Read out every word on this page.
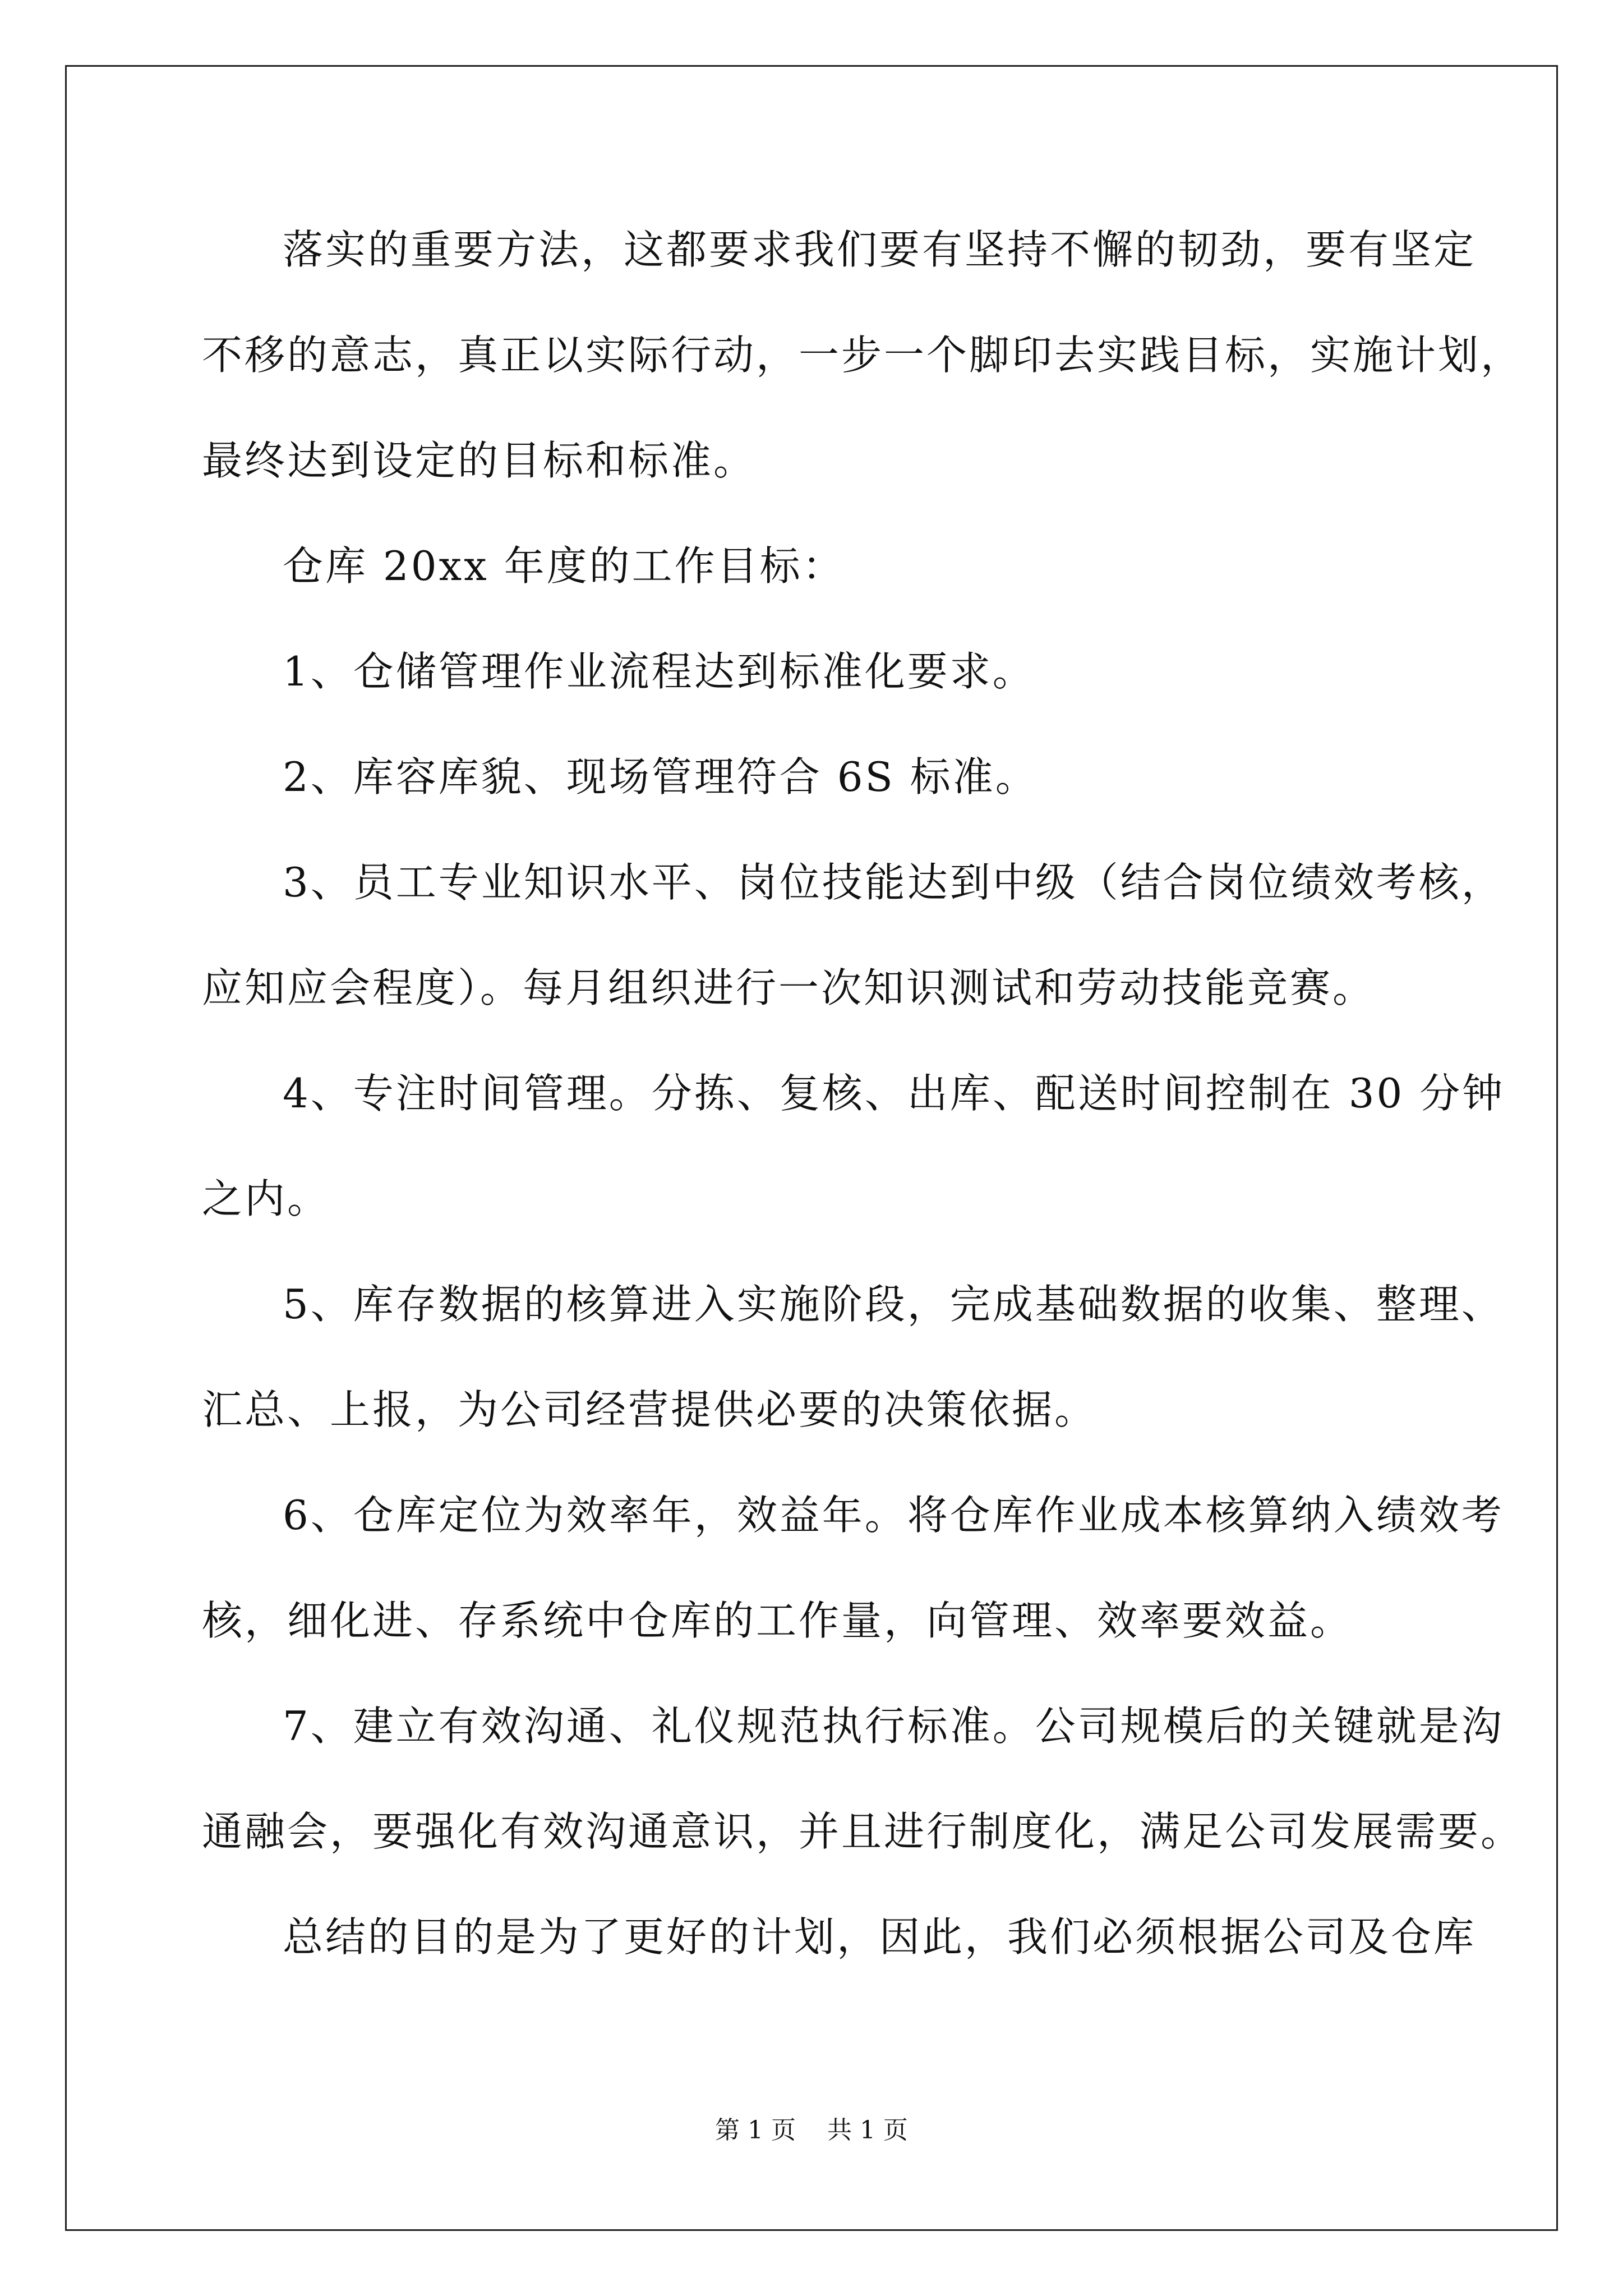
落实的重要方法，这都要求我们要有坚持不懈的韧劲，要有坚定
不移的意志，真正以实际行动，一步一个脚印去实践目标，实施计划，
最终达到设定的目标和标准。
仓库 20xx 年度的工作目标：
1、仓储管理作业流程达到标准化要求。
2、库容库貌、现场管理符合 6S 标准。
3、员工专业知识水平、岗位技能达到中级（结合岗位绩效考核，
应知应会程度）。每月组织进行一次知识测试和劳动技能竞赛。
4、专注时间管理。分拣、复核、出库、配送时间控制在 30 分钟
之内。
5、库存数据的核算进入实施阶段，完成基础数据的收集、整理、
汇总、上报，为公司经营提供必要的决策依据。
6、仓库定位为效率年，效益年。将仓库作业成本核算纳入绩效考
核，细化进、存系统中仓库的工作量，向管理、效率要效益。
7、建立有效沟通、礼仪规范执行标准。公司规模后的关键就是沟
通融会，要强化有效沟通意识，并且进行制度化，满足公司发展需要。
总结的目的是为了更好的计划，因此，我们必须根据公司及仓库
第 1 页    共 1 页
